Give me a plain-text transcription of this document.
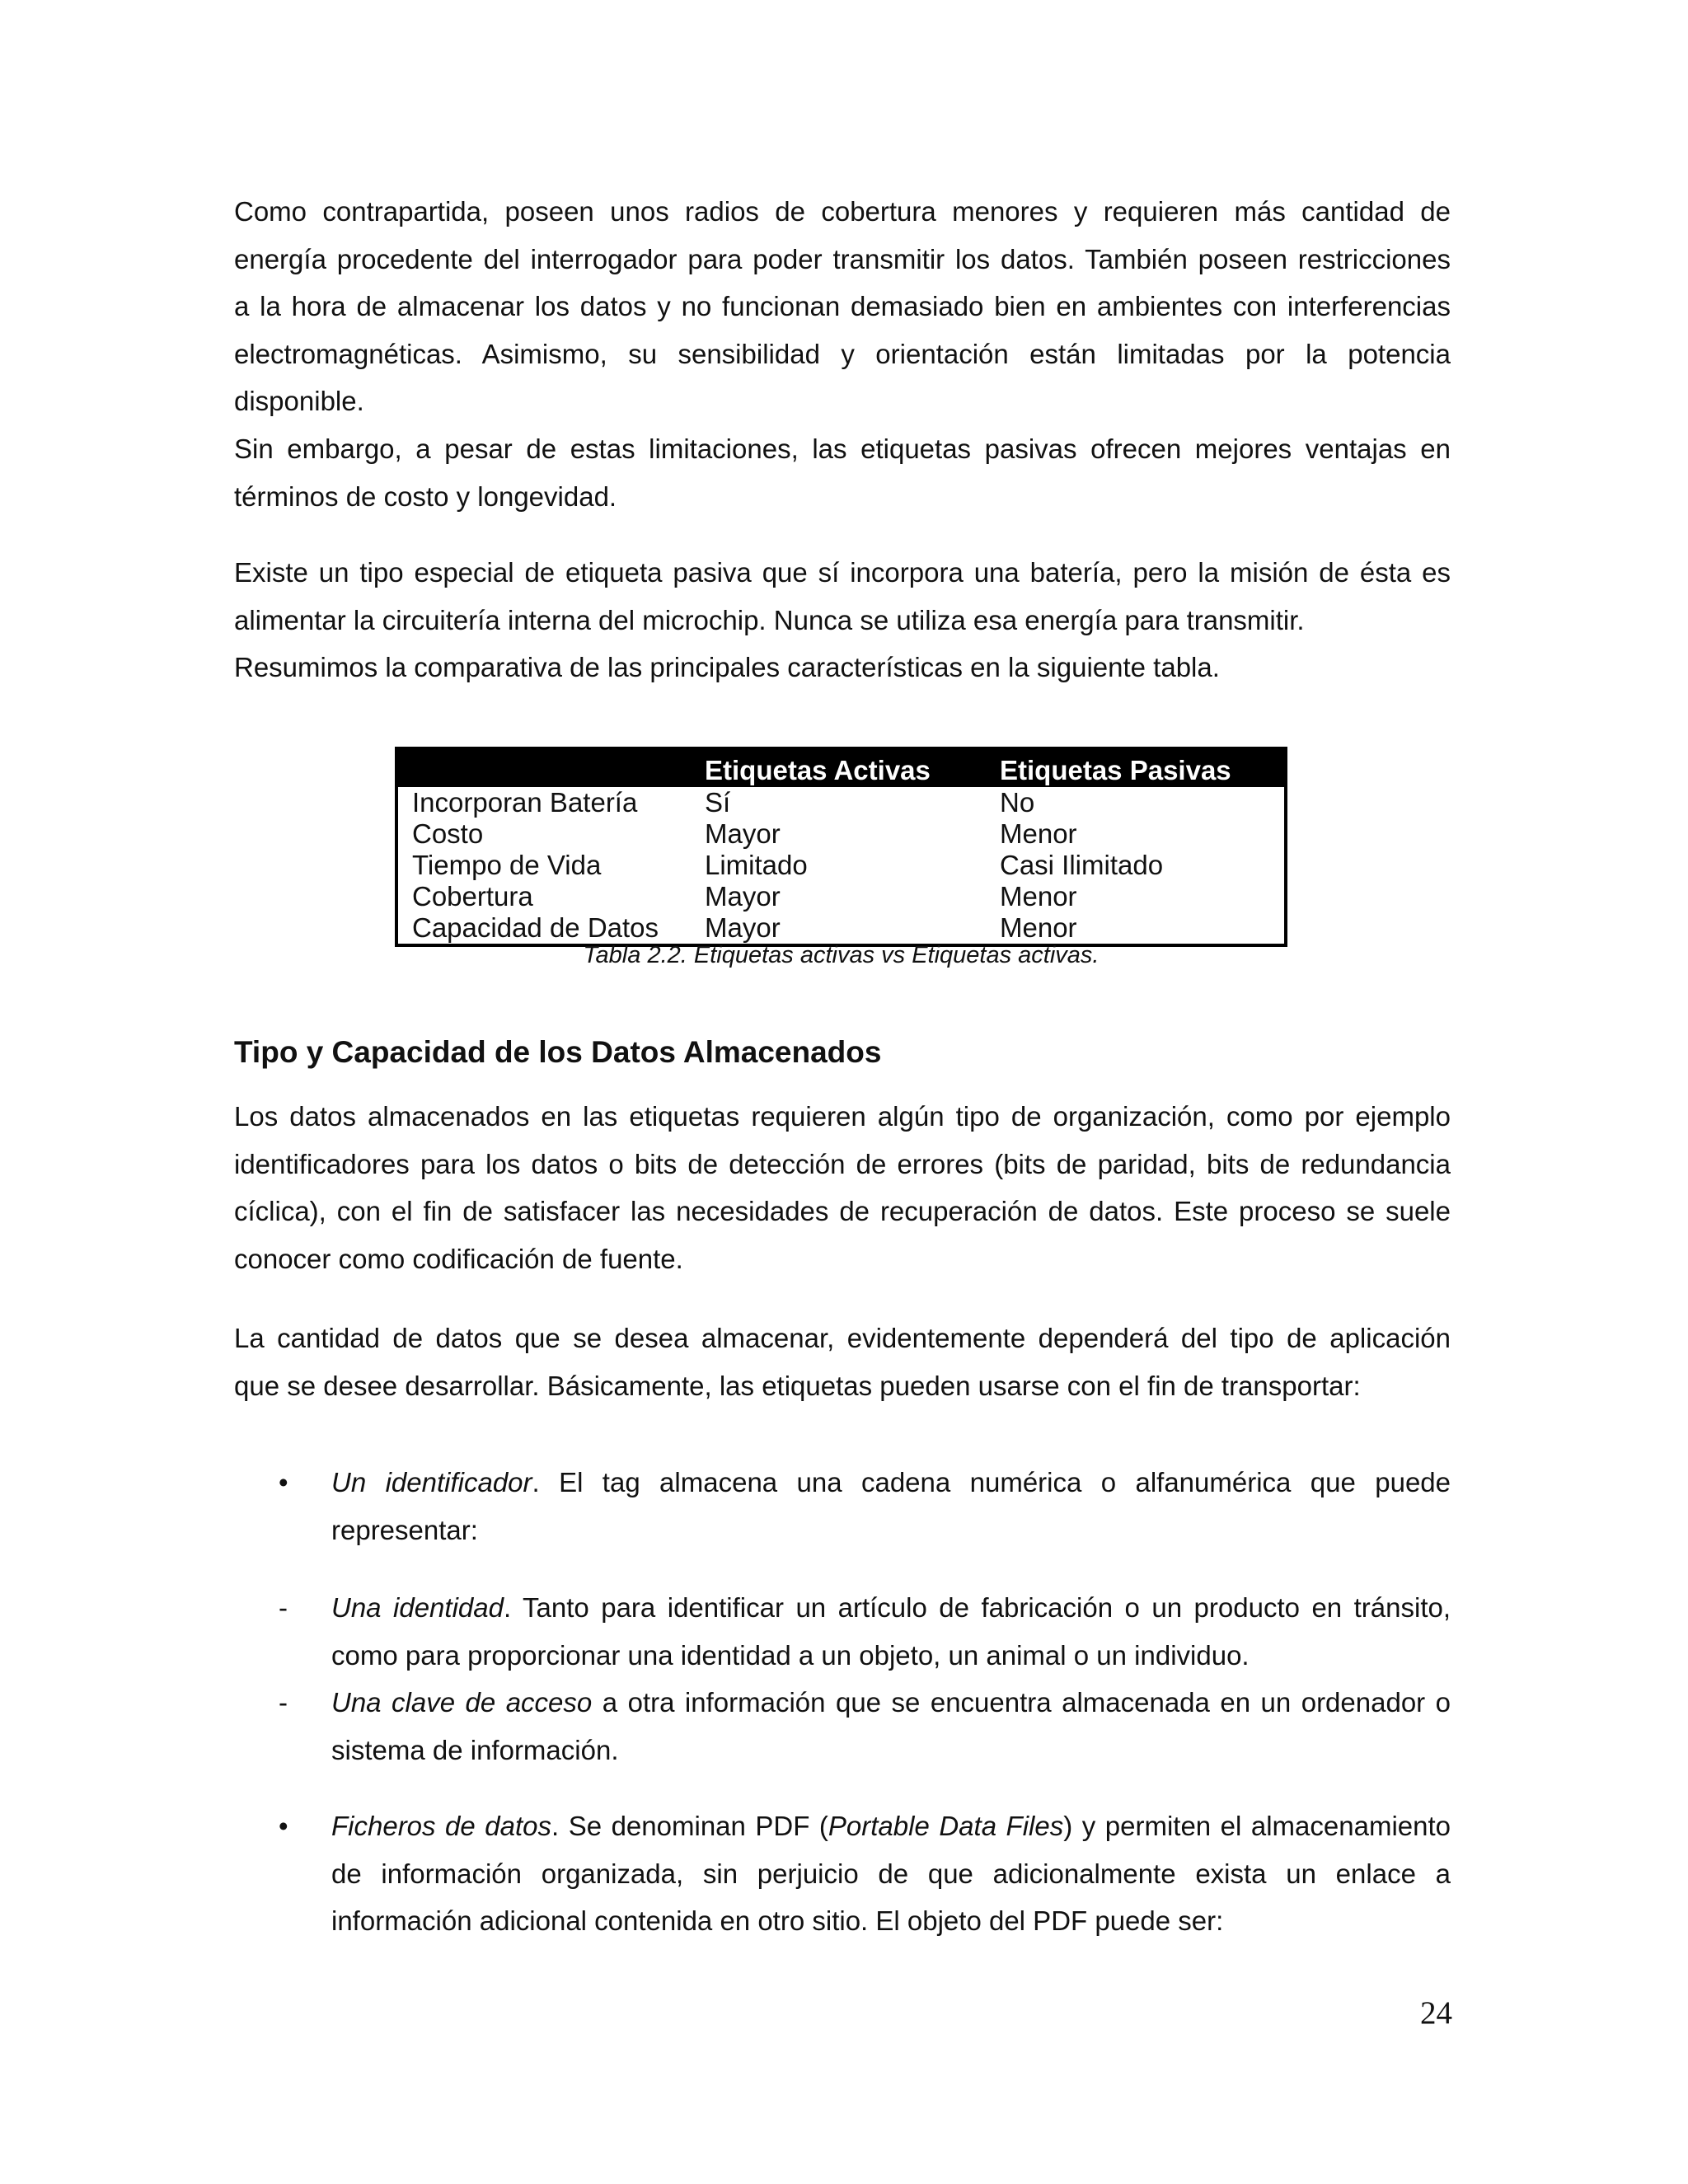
Como contrapartida, poseen unos radios de cobertura menores y requieren más cantidad de
energía procedente del interrogador para poder transmitir los datos. También poseen restricciones
a la hora de almacenar los datos y no funcionan demasiado bien en ambientes con interferencias
electromagnéticas. Asimismo, su sensibilidad y orientación están limitadas por la potencia
disponible.

Sin embargo, a pesar de estas limitaciones, las etiquetas pasivas ofrecen mejores ventajas en
términos de costo y longevidad.

Existe un tipo especial de etiqueta pasiva que sí incorpora una batería, pero la misión de ésta es
alimentar la circuitería interna del microchip. Nunca se utiliza esa energía para transmitir.
Resumimos la comparativa de las principales características en la siguiente tabla.

	Etiquetas Activas	Etiquetas Pasivas
Incorporan Batería	Sí	No
Costo	Mayor	Menor
Tiempo de Vida	Limitado	Casi Ilimitado
Cobertura	Mayor	Menor
Capacidad de Datos	Mayor	Menor

Tabla 2.2. Etiquetas activas vs Etiquetas activas.

Tipo y Capacidad de los Datos Almacenados

Los datos almacenados en las etiquetas requieren algún tipo de organización, como por ejemplo
identificadores para los datos o bits de detección de errores (bits de paridad, bits de redundancia
cíclica), con el fin de satisfacer las necesidades de recuperación de datos. Este proceso se suele
conocer como codificación de fuente.

La cantidad de datos que se desea almacenar, evidentemente dependerá del tipo de aplicación
que se desee desarrollar. Básicamente, las etiquetas pueden usarse con el fin de transportar:

• Un identificador. El tag almacena una cadena numérica o alfanumérica que puede
representar:

- Una identidad. Tanto para identificar un artículo de fabricación o un producto en tránsito,
como para proporcionar una identidad a un objeto, un animal o un individuo.

- Una clave de acceso a otra información que se encuentra almacenada en un ordenador o
sistema de información.

• Ficheros de datos. Se denominan PDF (Portable Data Files) y permiten el almacenamiento
de información organizada, sin perjuicio de que adicionalmente exista un enlace a
información adicional contenida en otro sitio. El objeto del PDF puede ser:

24
